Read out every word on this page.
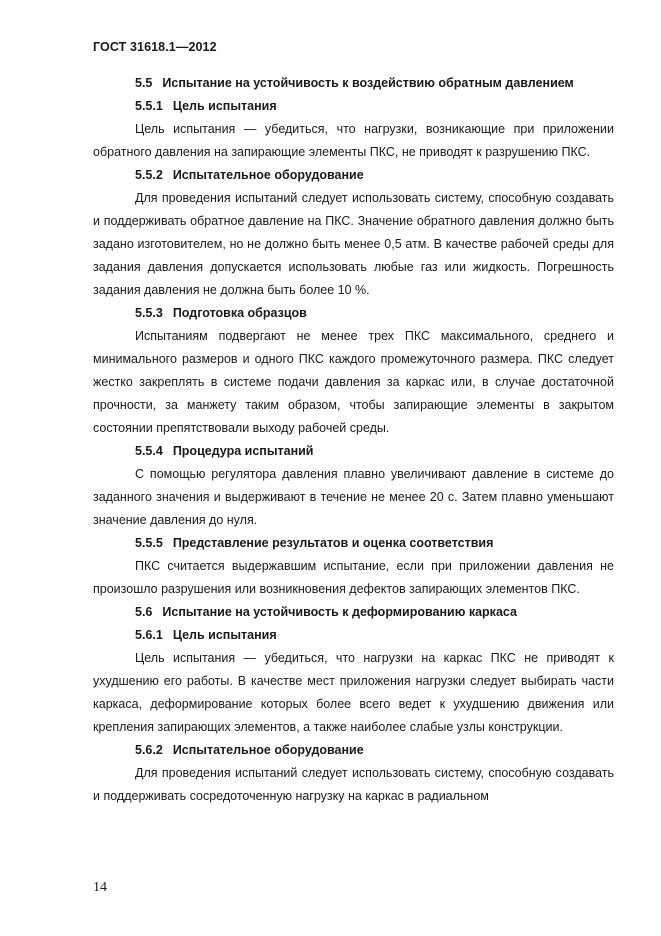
ГОСТ 31618.1—2012

5.5 Испытание на устойчивость к воздействию обратным давлением

5.5.1 Цель испытания

Цель испытания — убедиться, что нагрузки, возникающие при приложении обратного давления на запирающие элементы ПКС, не приводят к разрушению ПКС.

5.5.2 Испытательное оборудование

Для проведения испытаний следует использовать систему, способную создавать и поддерживать обратное давление на ПКС. Значение обратного давления должно быть задано изготовителем, но не должно быть менее 0,5 атм. В качестве рабочей среды для задания давления допускается использовать любые газ или жидкость. Погрешность задания давления не должна быть более 10 %.

5.5.3 Подготовка образцов

Испытаниям подвергают не менее трех ПКС максимального, среднего и минимального размеров и одного ПКС каждого промежуточного размера. ПКС следует жестко закреплять в системе подачи давления за каркас или, в случае достаточной прочности, за манжету таким образом, чтобы запирающие элементы в закрытом состоянии препятствовали выходу рабочей среды.

5.5.4 Процедура испытаний

С помощью регулятора давления плавно увеличивают давление в системе до заданного значения и выдерживают в течение не менее 20 с. Затем плавно уменьшают значение давления до нуля.

5.5.5 Представление результатов и оценка соответствия

ПКС считается выдержавшим испытание, если при приложении давления не произошло разрушения или возникновения дефектов запирающих элементов ПКС.

5.6 Испытание на устойчивость к деформированию каркаса

5.6.1 Цель испытания

Цель испытания — убедиться, что нагрузки на каркас ПКС не приводят к ухудшению его работы. В качестве мест приложения нагрузки следует выбирать части каркаса, деформирование которых более всего ведет к ухудшению движения или крепления запирающих элементов, а также наиболее слабые узлы конструкции.

5.6.2 Испытательное оборудование

Для проведения испытаний следует использовать систему, способную создавать и поддерживать сосредоточенную нагрузку на каркас в радиальном

14
